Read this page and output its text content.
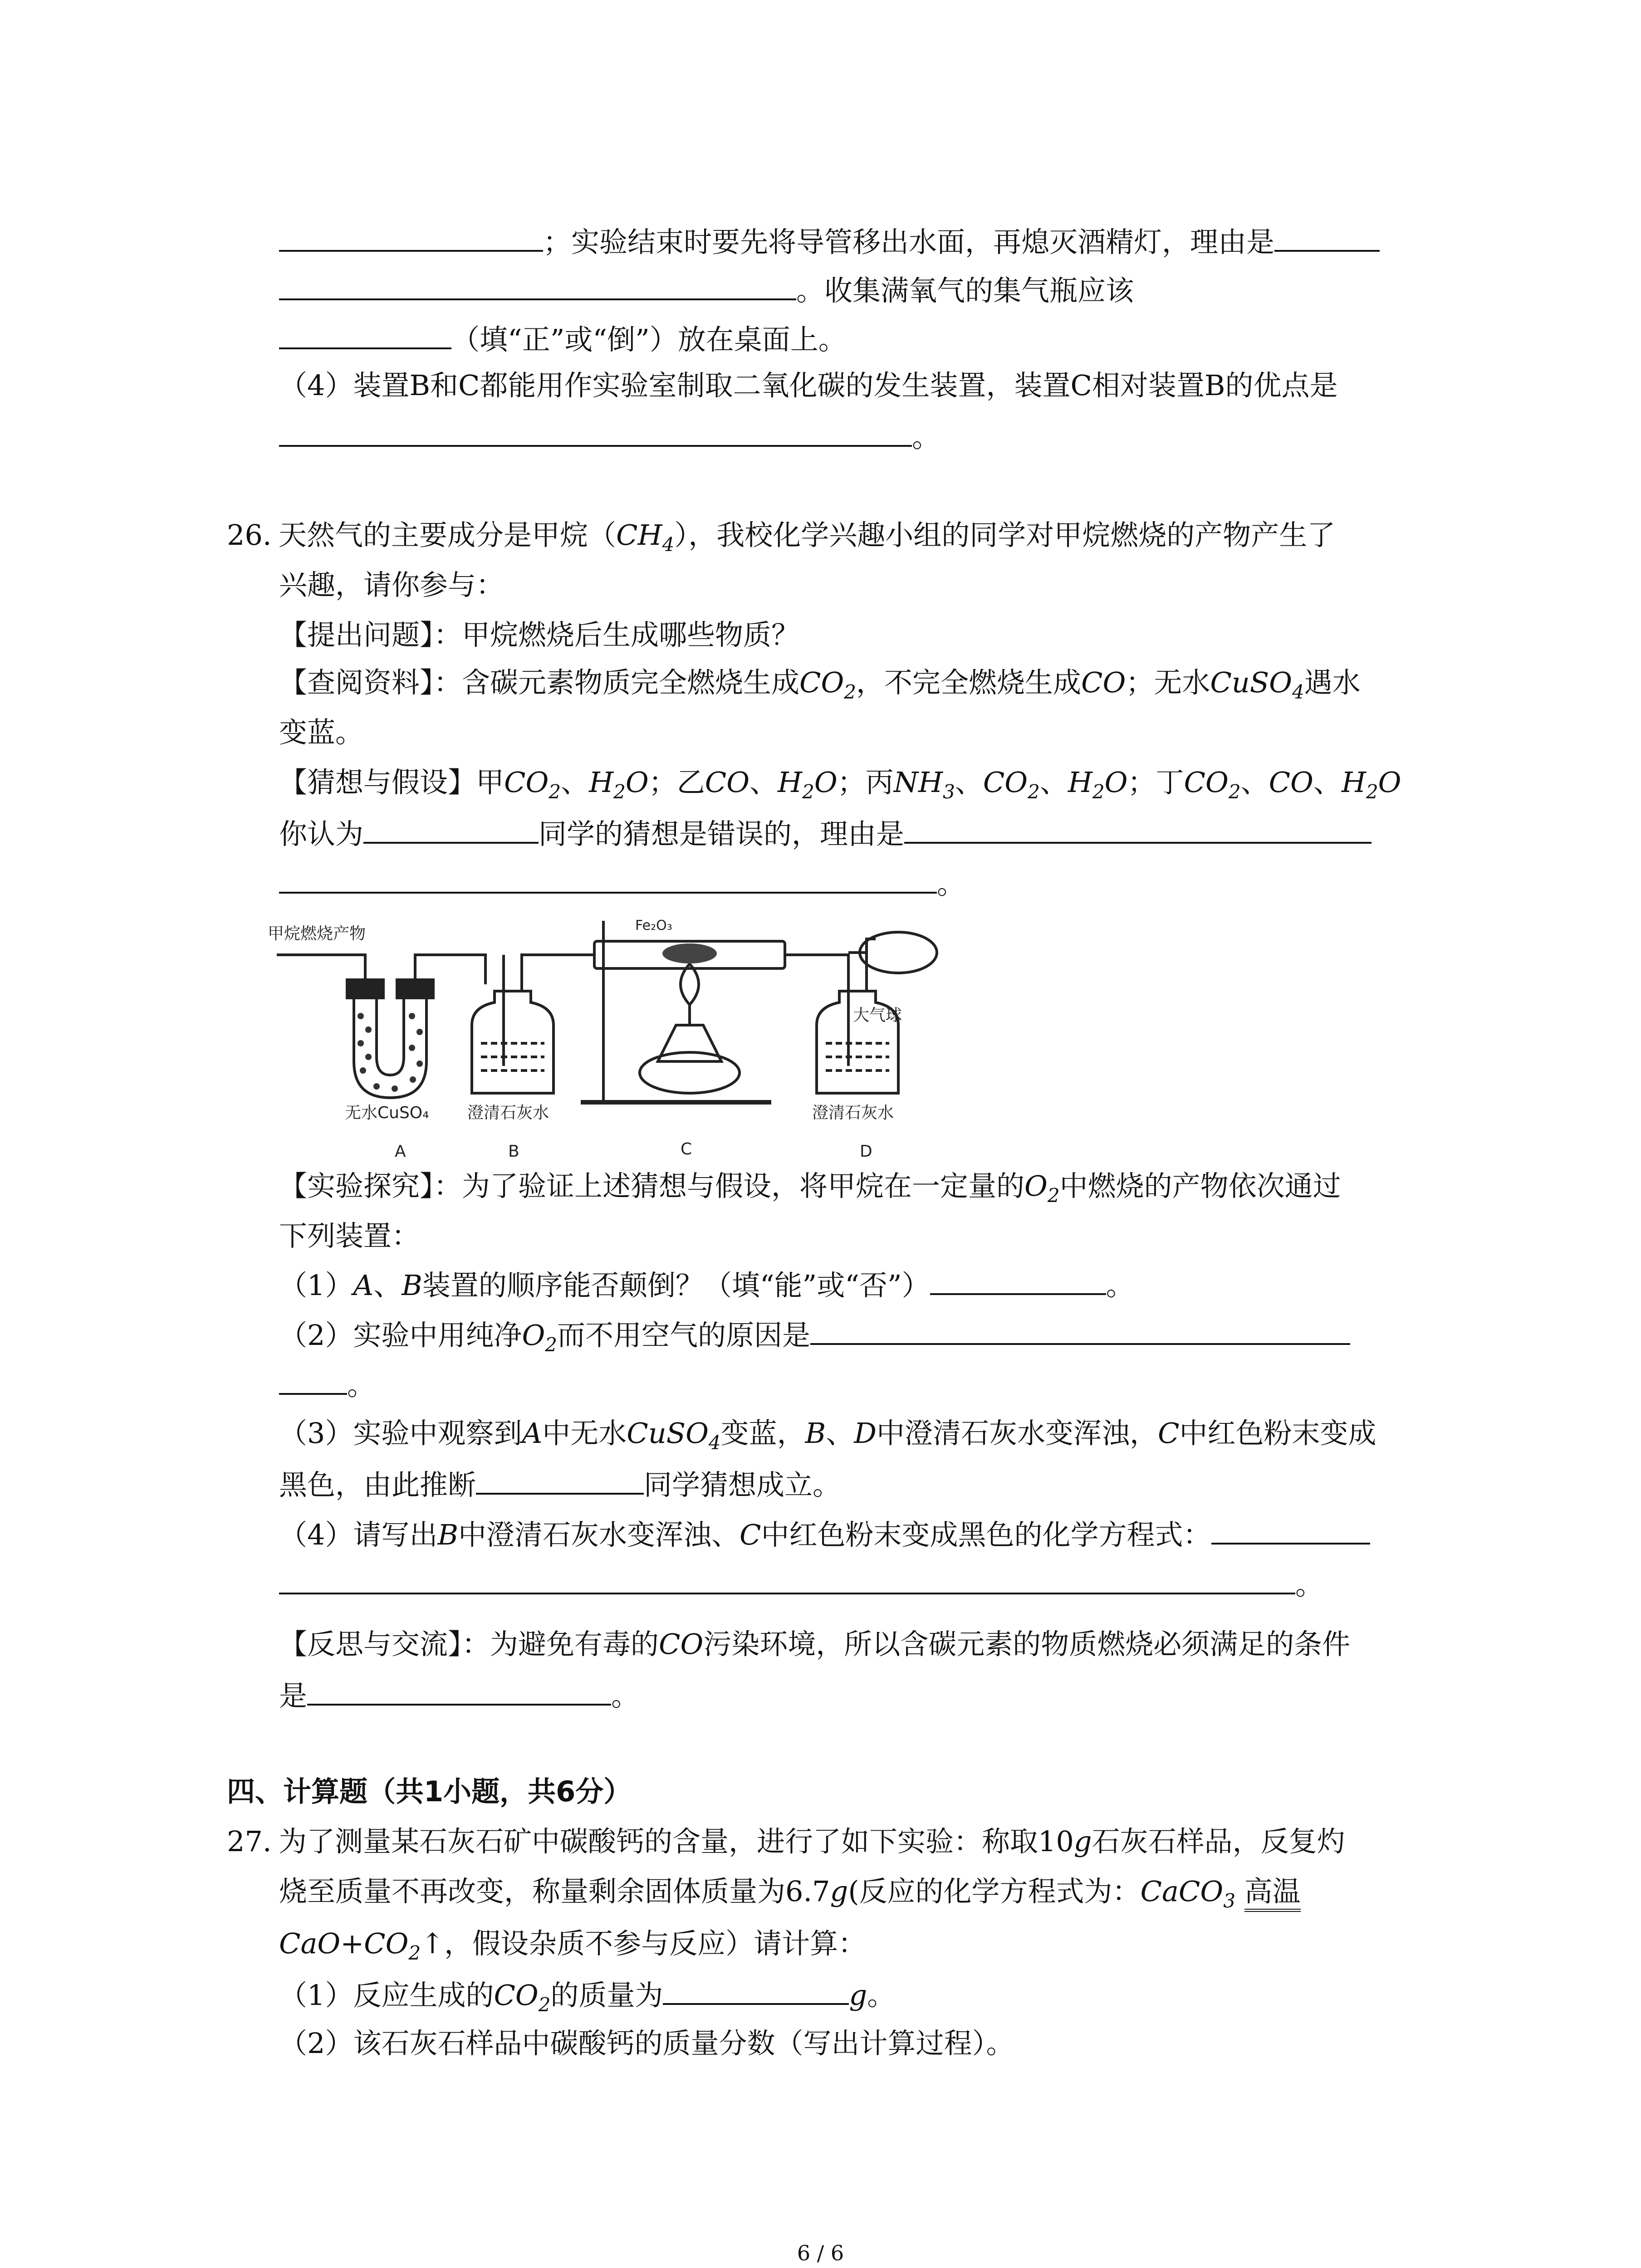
；实验结束时要先将导管移出水面，再熄灭酒精灯，理由是
。收集满氧气的集气瓶应该
（填“正”或“倒”）放在桌面上。
（4）装置B和C都能用作实验室制取二氧化碳的发生装置，装置C相对装置B的优点是
。
26. 天然气的主要成分是甲烷$(CH_4)$，我校化学兴趣小组的同学对甲烷燃烧的产物产生了
兴趣，请你参与：
【提出问题】：甲烷燃烧后生成哪些物质？
【查阅资料】：含碳元素物质完全燃烧生成$CO_2$，不完全燃烧生成CO；无水CuSO$_4$遇水
变蓝。
【猜想与假设】甲$CO_2$、$H_2O$；乙CO、$H_2O$；丙$NH_3$、$CO_2$、$H_2O$；丁$CO_2$、CO、$H_2O$
你认为	同学的猜想是错误的，理由是
。
甲烷燃烧产物	Fe₂O₃
无水CuSO₄ 澄清石灰水	澄清石灰水
A	B	C	D
大气球
【实验探究】：为了验证上述猜想与假设，将甲烷在一定量的$O_2$中燃烧的产物依次通过
下列装置：
（1）A、B装置的顺序能否颠倒？（填“能”或“否”）	。
（2）实验中用纯净$O_2$而不用空气的原因是
。
（3）实验中观察到A中无水CuSO$_4$变蓝，B、D中澄清石灰水变浑浊，C中红色粉末变成
黑色，由此推断	同学猜想成立。
（4）请写出B中澄清石灰水变浑浊、C中红色粉末变成黑色的化学方程式：
。
【反思与交流】：为避免有毒的CO污染环境，所以含碳元素的物质燃烧必须满足的条件
是	。
四、计算题（共1小题，共6分）
27. 为了测量某石灰石矿中碳酸钙的含量，进行了如下实验：称取10g石灰石样品，反复灼
烧至质量不再改变，称量剩余固体质量为6.7g(反应的化学方程式为：CaCO$_3$ 高温
$CaO+CO_2↑$，假设杂质不参与反应）请计算：
（1）反应生成的$CO_2$的质量为	g。
（2）该石灰石样品中碳酸钙的质量分数（写出计算过程）。
6 / 6
